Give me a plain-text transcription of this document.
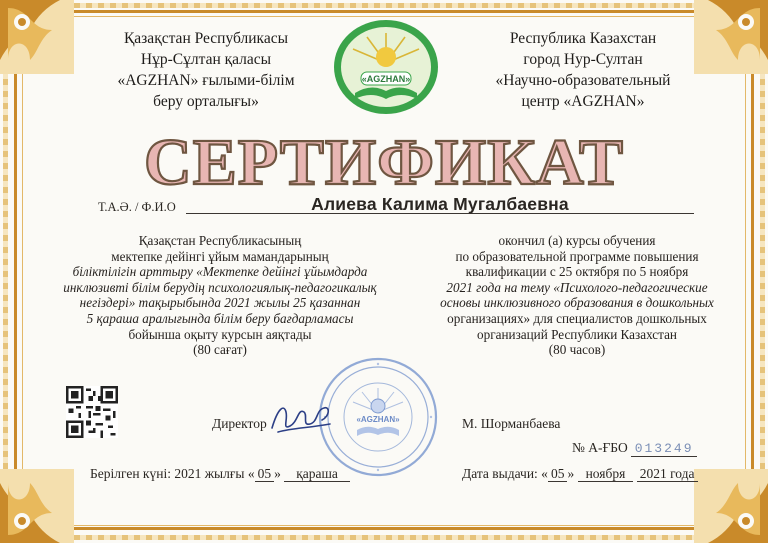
Қазақстан Республикасы
Нұр-Сұлтан қаласы
«AGZHAN» ғылыми-білім
беру орталығы»
Республика Казахстан
город Нур-Султан
«Научно-образовательный
центр «AGZHAN»
«AGZHAN»
СЕРТИФИКАТ
Т.А.Ә. / Ф.И.О	Алиева Калима Мугалбаевна
Қазақстан Республикасының
мектепке дейінгі ұйым мамандарының
біліктілігін арттыру «Мектепке дейінгі ұйымдарда
инклюзивті білім берудің психологиялық-педагогикалық
негіздері» тақырыбында 2021 жылы 25 қазаннан
5 қараша аралығында білім беру бағдарламасы
бойынша оқыту курсын аяқтады
(80 сағат)
окончил (а) курсы обучения
по образовательной программе повышения
квалификации с 25 октября по 5 ноября
2021 года на тему «Психолого-педагогические
основы инклюзивного образования в дошкольных
организациях» для специалистов дошкольных
организаций Республики Казахстан
(80 часов)
«AGZHAN»
Директор	М. Шорманбаева
№ А-ҒБО 013249
Берілген күні: 2021 жылғы « 05 » қараша	Дата выдачи: « 05 » ноября 2021 года
